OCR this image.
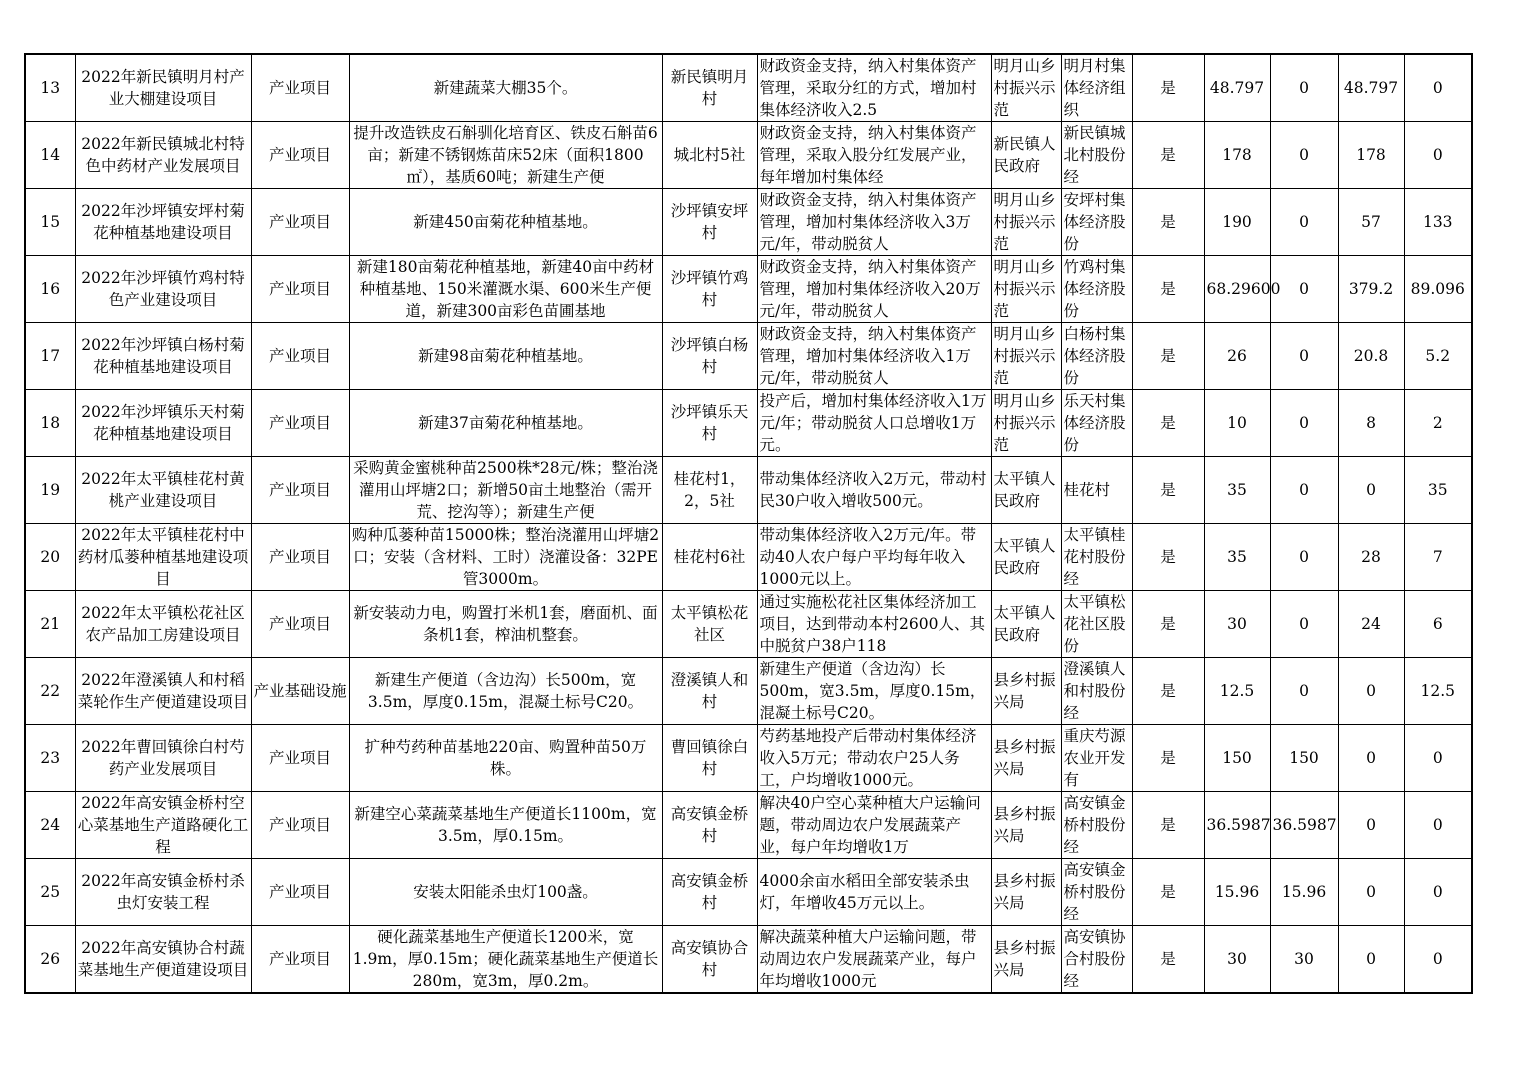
13	2022年新民镇明月村产业大棚建设项目	产业项目	新建蔬菜大棚35个。	新民镇明月村	财政资金支持，纳入村集体资产管理，采取分红的方式，增加村集体经济收入2.5	明月山乡村振兴示范	明月村集体经济组织	是	48.797	0	48.797	0

14	2022年新民镇城北村特色中药材产业发展项目	产业项目	提升改造铁皮石斛驯化培育区、铁皮石斛苗6亩；新建不锈钢炼苗床52床（面积1800㎡），基质60吨；新建生产便	城北村5社	财政资金支持，纳入村集体资产管理，采取入股分红发展产业，每年增加村集体经	新民镇人民政府	新民镇城北村股份经	是	178	0	178	0

15	2022年沙坪镇安坪村菊花种植基地建设项目	产业项目	新建450亩菊花种植基地。	沙坪镇安坪村	财政资金支持，纳入村集体资产管理，增加村集体经济收入3万元/年，带动脱贫人	明月山乡村振兴示范	安坪村集体经济股份	是	190	0	57	133

16	2022年沙坪镇竹鸡村特色产业建设项目	产业项目	新建180亩菊花种植基地，新建40亩中药材种植基地、150米灌溉水渠、600米生产便道，新建300亩彩色苗圃基地	沙坪镇竹鸡村	财政资金支持，纳入村集体资产管理，增加村集体经济收入20万元/年，带动脱贫人	明月山乡村振兴示范	竹鸡村集体经济股份	是	68.29600	0	379.2	89.096

17	2022年沙坪镇白杨村菊花种植基地建设项目	产业项目	新建98亩菊花种植基地。	沙坪镇白杨村	财政资金支持，纳入村集体资产管理，增加村集体经济收入1万元/年，带动脱贫人	明月山乡村振兴示范	白杨村集体经济股份	是	26	0	20.8	5.2

18	2022年沙坪镇乐天村菊花种植基地建设项目	产业项目	新建37亩菊花种植基地。	沙坪镇乐天村	投产后，增加村集体经济收入1万元/年；带动脱贫人口总增收1万元。	明月山乡村振兴示范	乐天村集体经济股份	是	10	0	8	2

19	2022年太平镇桂花村黄桃产业建设项目	产业项目	采购黄金蜜桃种苗2500株*28元/株；整治浇灌用山坪塘2口；新增50亩土地整治（需开荒、挖沟等）；新建生产便	桂花村1，2，5社	带动集体经济收入2万元，带动村民30户收入增收500元。	太平镇人民政府	桂花村	是	35	0	0	35

20	2022年太平镇桂花村中药材瓜蒌种植基地建设项目	产业项目	购种瓜蒌种苗15000株；整治浇灌用山坪塘2口；安装（含材料、工时）浇灌设备：32PE管3000m。	桂花村6社	带动集体经济收入2万元/年。带动40人农户每户平均每年收入1000元以上。	太平镇人民政府	太平镇桂花村股份经	是	35	0	28	7

21	2022年太平镇松花社区农产品加工房建设项目	产业项目	新安装动力电，购置打米机1套，磨面机、面条机1套，榨油机整套。	太平镇松花社区	通过实施松花社区集体经济加工项目，达到带动本村2600人、其中脱贫户38户118	太平镇人民政府	太平镇松花社区股份	是	30	0	24	6

22	2022年澄溪镇人和村稻菜轮作生产便道建设项目	产业基础设施	新建生产便道（含边沟）长500m，宽3.5m，厚度0.15m，混凝土标号C20。	澄溪镇人和村	新建生产便道（含边沟）长500m，宽3.5m，厚度0.15m，混凝土标号C20。	县乡村振兴局	澄溪镇人和村股份经	是	12.5	0	0	12.5

23	2022年曹回镇徐白村芍药产业发展项目	产业项目	扩种芍药种苗基地220亩、购置种苗50万株。	曹回镇徐白村	芍药基地投产后带动村集体经济收入5万元；带动农户25人务工，户均增收1000元。	县乡村振兴局	重庆芍源农业开发有	是	150	150	0	0

24	2022年高安镇金桥村空心菜基地生产道路硬化工程	产业项目	新建空心菜蔬菜基地生产便道长1100m，宽3.5m，厚0.15m。	高安镇金桥村	解决40户空心菜种植大户运输问题，带动周边农户发展蔬菜产业，每户年均增收1万	县乡村振兴局	高安镇金桥村股份经	是	36.5987	36.5987	0	0

25	2022年高安镇金桥村杀虫灯安装工程	产业项目	安装太阳能杀虫灯100盏。	高安镇金桥村	4000余亩水稻田全部安装杀虫灯，年增收45万元以上。	县乡村振兴局	高安镇金桥村股份经	是	15.96	15.96	0	0

26	2022年高安镇协合村蔬菜基地生产便道建设项目	产业项目	硬化蔬菜基地生产便道长1200米，宽1.9m，厚0.15m；硬化蔬菜基地生产便道长280m，宽3m，厚0.2m。	高安镇协合村	解决蔬菜种植大户运输问题，带动周边农户发展蔬菜产业，每户年均增收1000元	县乡村振兴局	高安镇协合村股份经	是	30	30	0	0
